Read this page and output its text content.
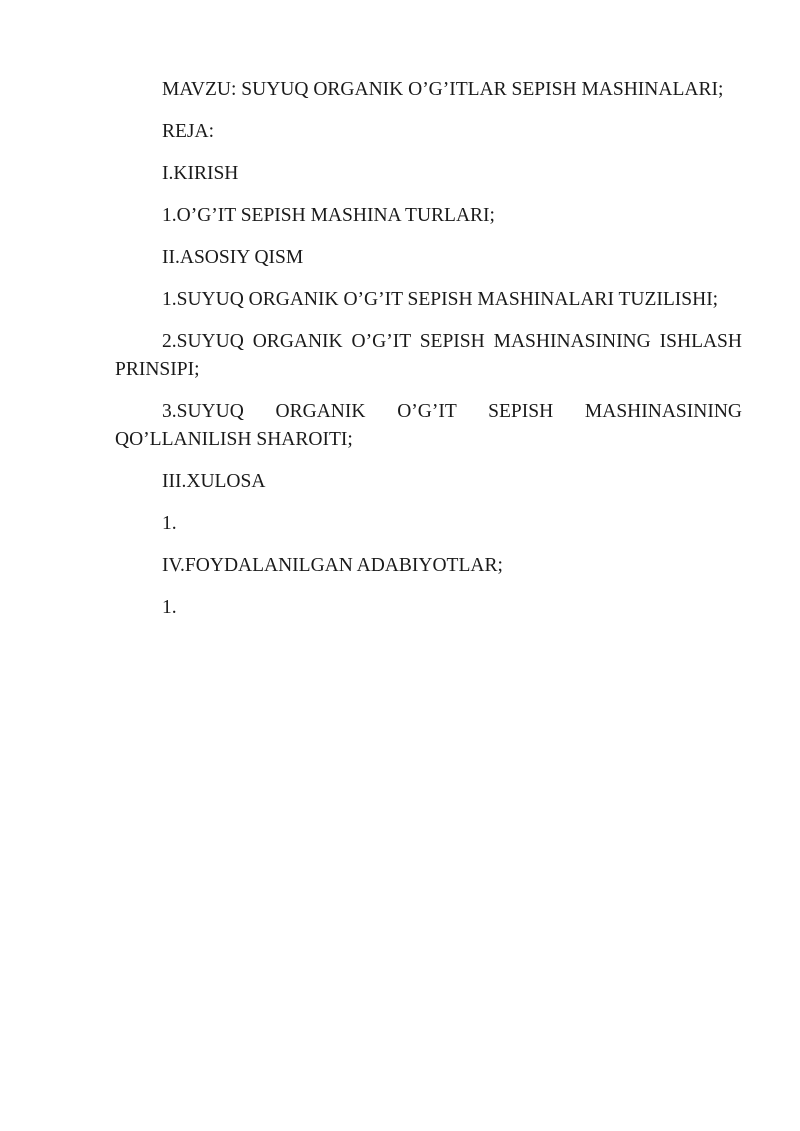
MAVZU: SUYUQ ORGANIK O’G’ITLAR SEPISH MASHINALARI;

REJA:

I.KIRISH

1.O’G’IT SEPISH MASHINA TURLARI;

II.ASOSIY QISM

1.SUYUQ ORGANIK O’G’IT SEPISH MASHINALARI TUZILISHI;

2.SUYUQ ORGANIK O’G’IT SEPISH MASHINASINING ISHLASH PRINSIPI;

3.SUYUQ ORGANIK O’G’IT SEPISH MASHINASINING QO’LLANILISH SHAROITI;

III.XULOSA

1.

IV.FOYDALANILGAN ADABIYOTLAR;

1.
